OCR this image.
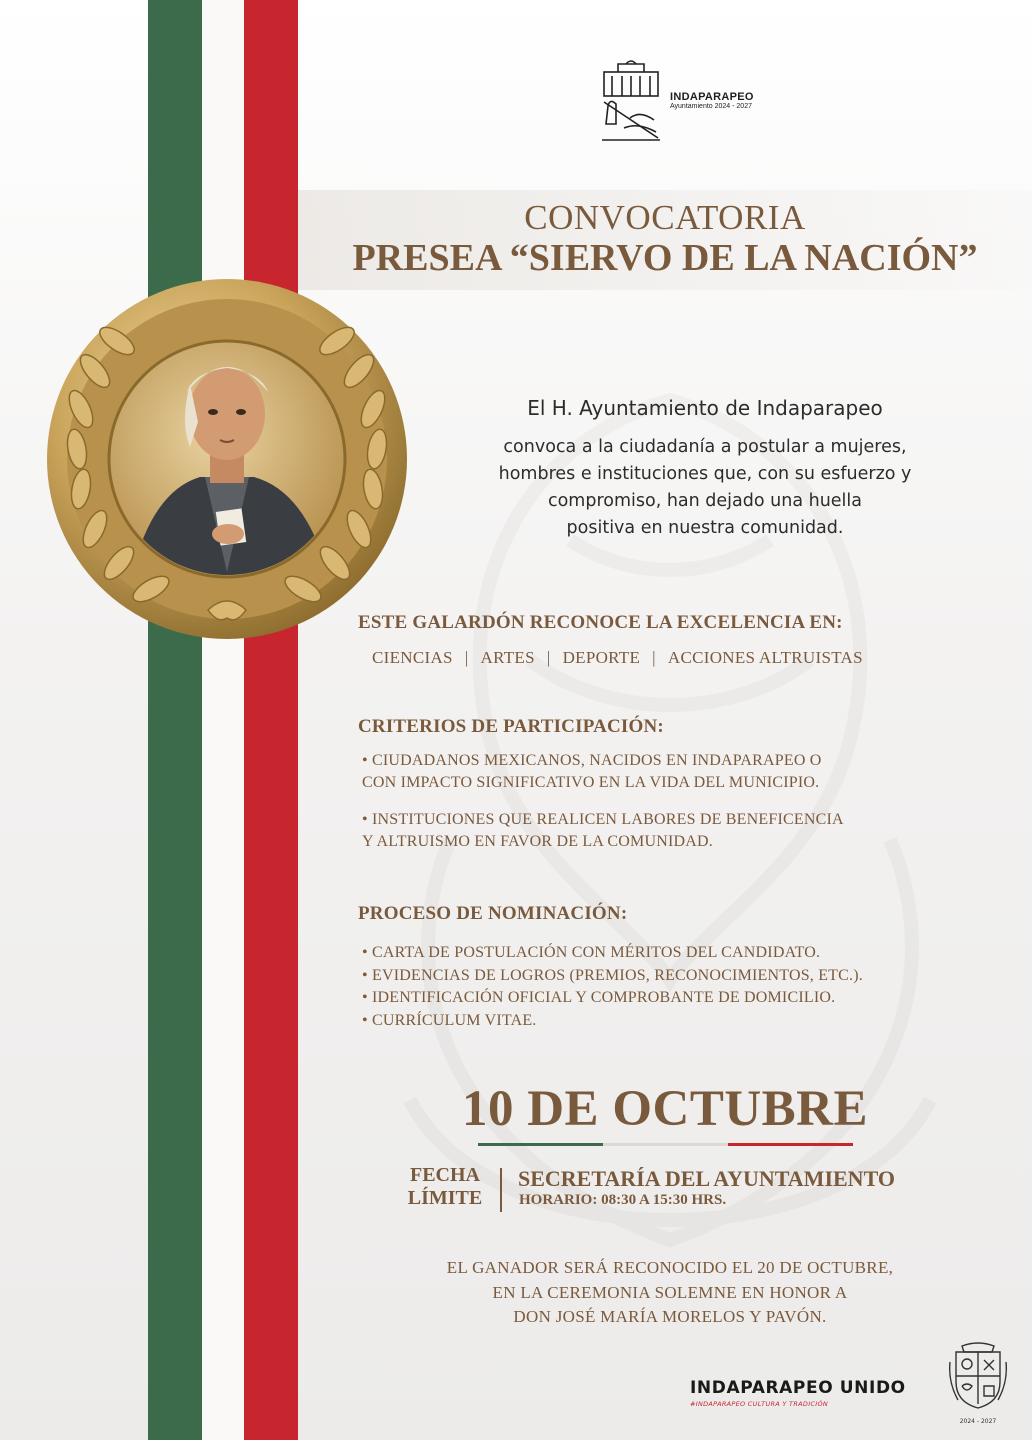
INDAPARAPEO
Ayuntamiento 2024 - 2027
CONVOCATORIA
PRESEA “SIERVO DE LA NACIÓN”
El H. Ayuntamiento de Indaparapeo
convoca a la ciudadanía a postular a mujeres,
hombres e instituciones que, con su esfuerzo y
compromiso, han dejado una huella
positiva en nuestra comunidad.
ESTE GALARDÓN RECONOCE LA EXCELENCIA EN:
CIENCIAS | ARTES | DEPORTE | ACCIONES ALTRUISTAS
CRITERIOS DE PARTICIPACIÓN:
• CIUDADANOS MEXICANOS, NACIDOS EN INDAPARAPEO O
CON IMPACTO SIGNIFICATIVO EN LA VIDA DEL MUNICIPIO.
• INSTITUCIONES QUE REALICEN LABORES DE BENEFICENCIA
Y ALTRUISMO EN FAVOR DE LA COMUNIDAD.
PROCESO DE NOMINACIÓN:
• CARTA DE POSTULACIÓN CON MÉRITOS DEL CANDIDATO.
• EVIDENCIAS DE LOGROS (PREMIOS, RECONOCIMIENTOS, ETC.).
• IDENTIFICACIÓN OFICIAL Y COMPROBANTE DE DOMICILIO.
• CURRÍCULUM VITAE.
10 DE OCTUBRE
FECHA
LÍMITE
SECRETARÍA DEL AYUNTAMIENTO
HORARIO: 08:30 A 15:30 HRS.
EL GANADOR SERÁ RECONOCIDO EL 20 DE OCTUBRE,
EN LA CEREMONIA SOLEMNE EN HONOR A
DON JOSÉ MARÍA MORELOS Y PAVÓN.
INDAPARAPEO UNIDO
#INDAPARAPEO CULTURA Y TRADICIÓN
2024 - 2027
